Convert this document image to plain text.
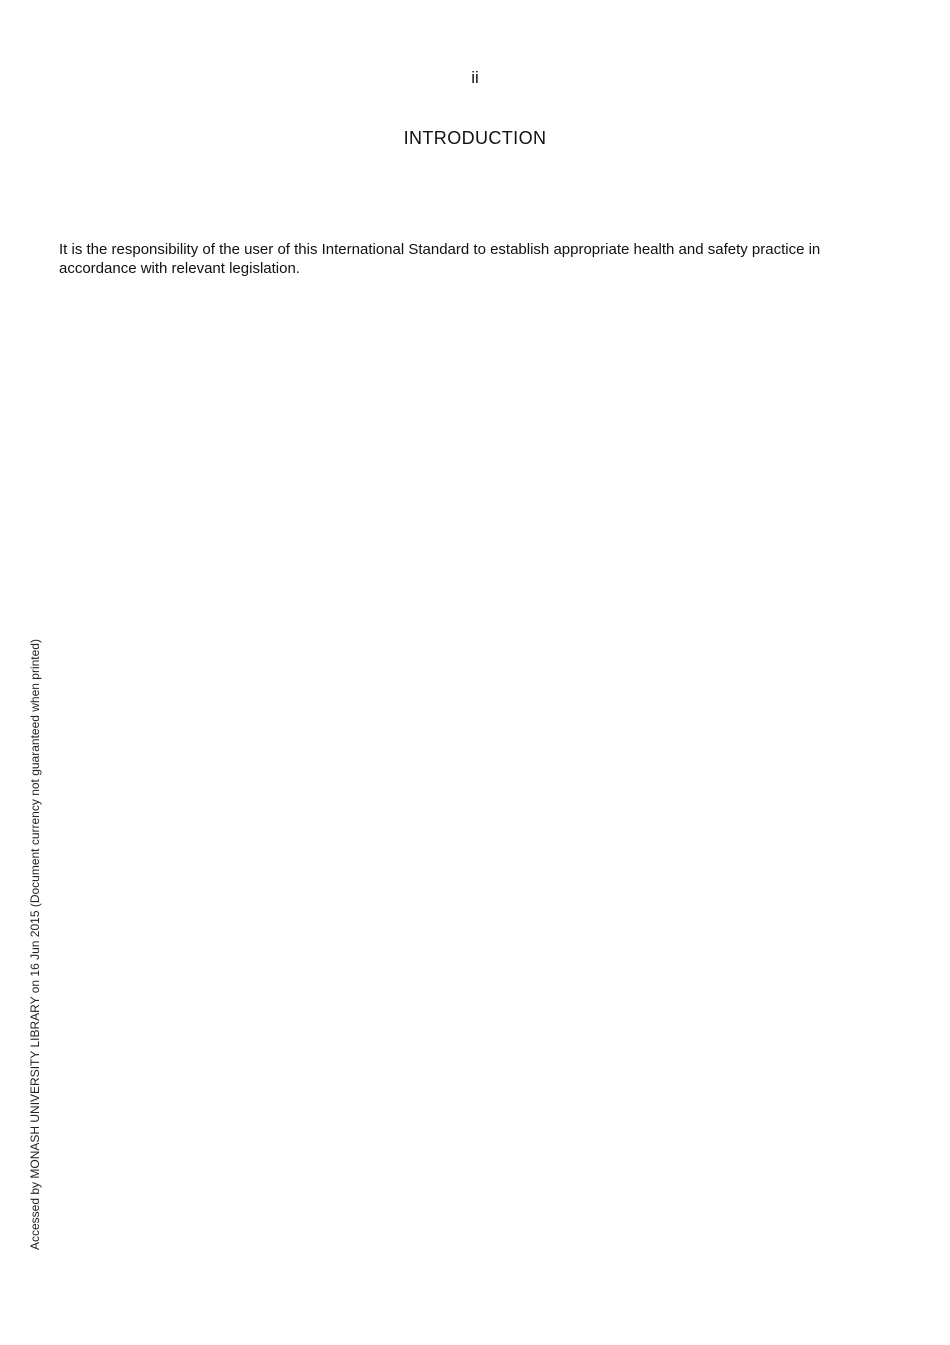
ii
INTRODUCTION

It is the responsibility of the user of this International Standard to establish appropriate health and safety practice in accordance with relevant legislation.

Accessed by MONASH UNIVERSITY LIBRARY on 16 Jun 2015 (Document currency not guaranteed when printed)
